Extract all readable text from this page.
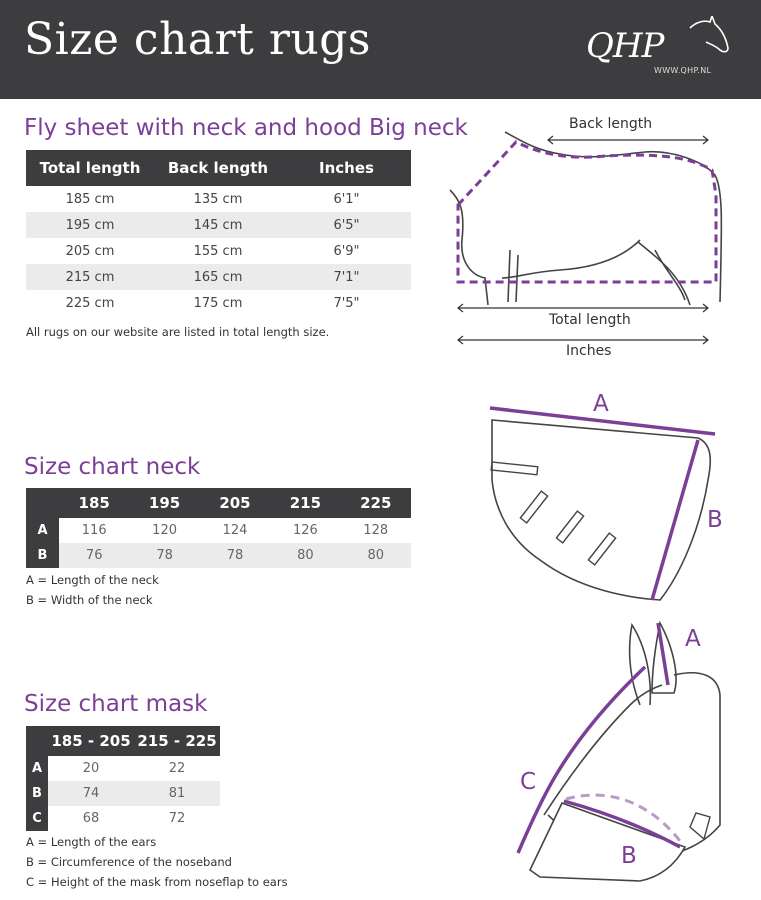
Size chart rugs	QHP
WWW.QHP.NL
Fly sheet with neck and hood Big neck
Total length	Back length	Inches
185 cm	135 cm	6'1"
195 cm	145 cm	6'5"
205 cm	155 cm	6'9"
215 cm	165 cm	7'1"
225 cm	175 cm	7'5"
All rugs on our website are listed in total length size.
Back length
Total length
Inches
Size chart neck
	185	195	205	215	225
A	116	120	124	126	128
B	76	78	78	80	80
A = Length of the neck
B = Width of the neck
A
B
Size chart mask
	185 - 205	215 - 225
A	20	22
B	74	81
C	68	72
A = Length of the ears
B = Circumference of the noseband
C = Height of the mask from noseflap to ears
A
C
B
